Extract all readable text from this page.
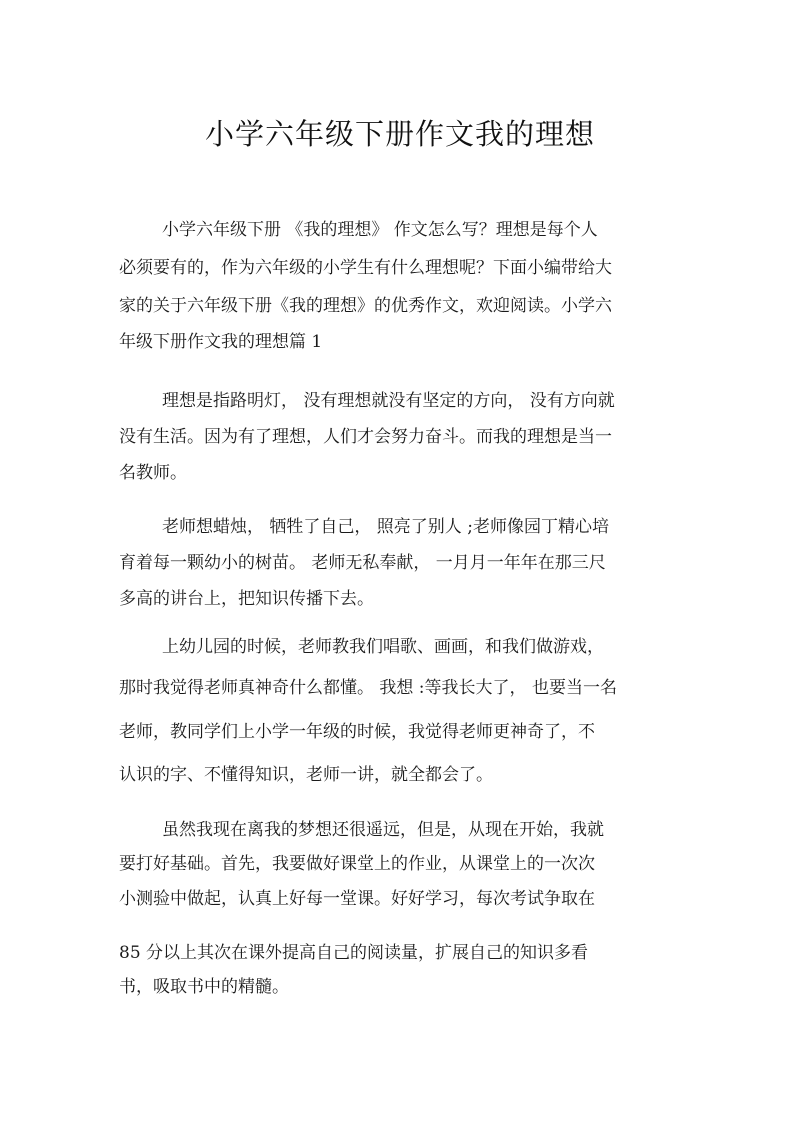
小学六年级下册作文我的理想
小学六年级下册 《我的理想》 作文怎么写？理想是每个人
必须要有的，作为六年级的小学生有什么理想呢？下面小编带给大
家的关于六年级下册《我的理想》的优秀作文，欢迎阅读。小学六
年级下册作文我的理想篇 1
理想是指路明灯， 没有理想就没有坚定的方向， 没有方向就
没有生活。因为有了理想，人们才会努力奋斗。而我的理想是当一
名教师。
老师想蜡烛， 牺牲了自己， 照亮了别人 ;老师像园丁精心培
育着每一颗幼小的树苗。 老师无私奉献， 一月月一年年在那三尺
多高的讲台上，把知识传播下去。
上幼儿园的时候，老师教我们唱歌、画画，和我们做游戏，
那时我觉得老师真神奇什么都懂。 我想 :等我长大了， 也要当一名
老师，教同学们上小学一年级的时候，我觉得老师更神奇了，不
认识的字、不懂得知识，老师一讲，就全都会了。
虽然我现在离我的梦想还很遥远，但是，从现在开始，我就
要打好基础。首先，我要做好课堂上的作业，从课堂上的一次次
小测验中做起，认真上好每一堂课。好好学习，每次考试争取在
85 分以上其次在课外提高自己的阅读量，扩展自己的知识多看
书，吸取书中的精髓。
